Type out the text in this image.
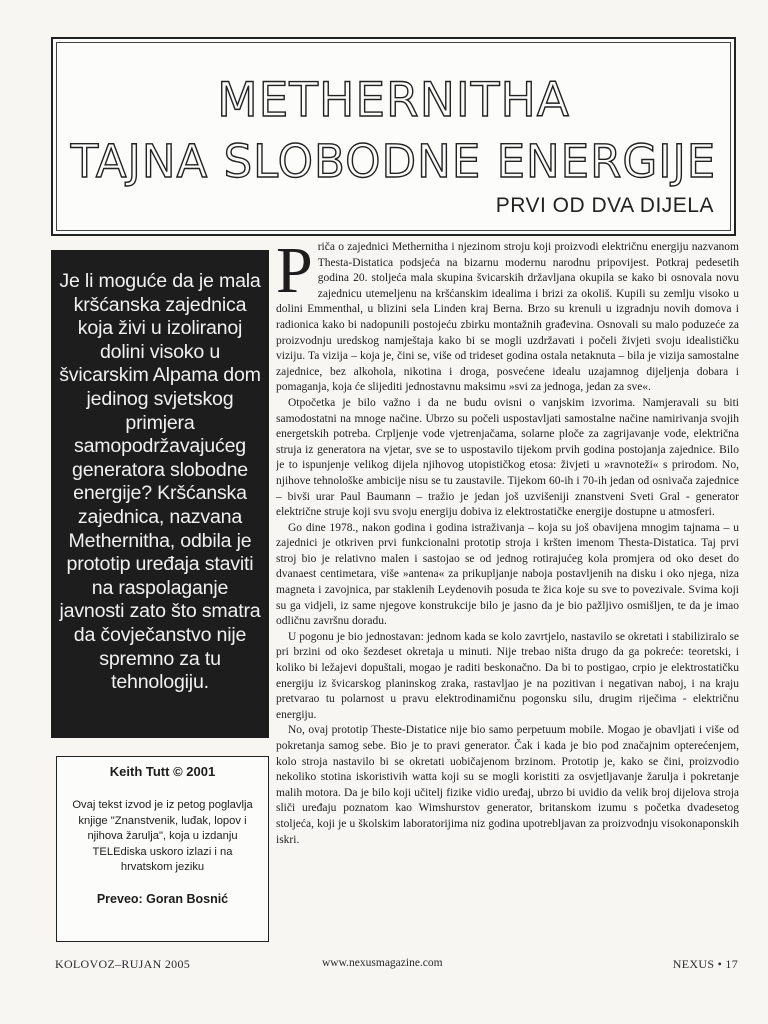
METHERNITHA
TAJNA SLOBODNE ENERGIJE
PRVI OD DVA DIJELA

Je li moguće da je mala kršćanska zajednica koja živi u izoliranoj dolini visoko u švicarskim Alpama dom jedinog svjetskog primjera samopodržavajućeg generatora slobodne energije? Kršćanska zajednica, nazvana Methernitha, odbila je prototip uređaja staviti na raspolaganje javnosti zato što smatra da čovječanstvo nije spremno za tu tehnologiju.

Keith Tutt © 2001
Ovaj tekst izvod je iz petog poglavlja knjige "Znanstvenik, luđak, lopov i njihova žarulja", koja u izdanju TELEdiska uskoro izlazi i na hrvatskom jeziku
Preveo: Goran Bosnić

Priča o zajednici Methernitha i njezinom stroju koji proizvodi električnu energiju nazvanom Thesta-Distatica podsjeća na bizarnu modernu narodnu pripovijest. Potkraj pedesetih godina 20. stoljeća mala skupina švicarskih državljana okupila se kako bi osnovala novu zajednicu utemeljenu na kršćanskim idealima i brizi za okoliš. Kupili su zemlju visoko u dolini Emmenthal, u blizini sela Linden kraj Berna. Brzo su krenuli u izgradnju novih domova i radionica kako bi nadopunili postojeću zbirku montažnih građevina. Osnovali su malo poduzeće za proizvodnju uredskog namještaja kako bi se mogli uzdržavati i počeli živjeti svoju idealističku viziju. Ta vizija – koja je, čini se, više od trideset godina ostala netaknuta – bila je vizija samostalne zajednice, bez alkohola, nikotina i droga, posvećene idealu uzajamnog dijeljenja dobara i pomaganja, koja će slijediti jednostavnu maksimu »svi za jednoga, jedan za sve«.

Otpočetka je bilo važno i da ne budu ovisni o vanjskim izvorima. Namjeravali su biti samodostatni na mnoge načine. Ubrzo su počeli uspostavljati samostalne načine namirivanja svojih energetskih potreba. Crpljenje vode vjetrenjačama, solarne ploče za zagrijavanje vode, električna struja iz generatora na vjetar, sve se to uspostavilo tijekom prvih godina postojanja zajednice. Bilo je to ispunjenje velikog dijela njihovog utopističkog etosa: živjeti u »ravnoteži« s prirodom. No, njihove tehnološke ambicije nisu se tu zaustavile. Tijekom 60-ih i 70-ih jedan od osnivača zajednice – bivši urar Paul Baumann – tražio je jedan još uzvišeniji znanstveni Sveti Gral - generator električne struje koji svu svoju energiju dobiva iz elektrostatičke energije dostupne u atmosferi.

Go dine 1978., nakon godina i godina istraživanja – koja su još obavijena mnogim tajnama – u zajednici je otkriven prvi funkcionalni prototip stroja i kršten imenom Thesta-Distatica. Taj prvi stroj bio je relativno malen i sastojao se od jednog rotirajućeg kola promjera od oko deset do dvanaest centimetara, više »antena« za prikupljanje naboja postavljenih na disku i oko njega, niza magneta i zavojnica, par staklenih Leydenovih posuda te žica koje su sve to povezivale. Svima koji su ga vidjeli, iz same njegove konstrukcije bilo je jasno da je bio pažljivo osmišljen, te da je imao odličnu završnu doradu.

U pogonu je bio jednostavan: jednom kada se kolo zavrtjelo, nastavilo se okretati i stabiliziralo se pri brzini od oko šezdeset okretaja u minuti. Nije trebao ništa drugo da ga pokreće: teoretski, i koliko bi ležajevi dopuštali, mogao je raditi beskonačno. Da bi to postigao, crpio je elektrostatičku energiju iz švicarskog planinskog zraka, rastavljao je na pozitivan i negativan naboj, i na kraju pretvarao tu polarnost u pravu elektrodinamičnu pogonsku silu, drugim riječima - električnu energiju.

No, ovaj prototip Theste-Distatice nije bio samo perpetuum mobile. Mogao je obavljati i više od pokretanja samog sebe. Bio je to pravi generator. Čak i kada je bio pod značajnim opterećenjem, kolo stroja nastavilo bi se okretati uobičajenom brzinom. Prototip je, kako se čini, proizvodio nekoliko stotina iskoristivih watta koji su se mogli koristiti za osvjetljavanje žarulja i pokretanje malih motora. Da je bilo koji učitelj fizike vidio uređaj, ubrzo bi uvidio da velik broj dijelova stroja sliči uređaju poznatom kao Wimshurstov generator, britanskom izumu s početka dvadesetog stoljeća, koji je u školskim laboratorijima niz godina upotrebljavan za proizvodnju visokonaponskih iskri.

KOLOVOZ–RUJAN 2005	www.nexusmagazine.com	NEXUS • 17
